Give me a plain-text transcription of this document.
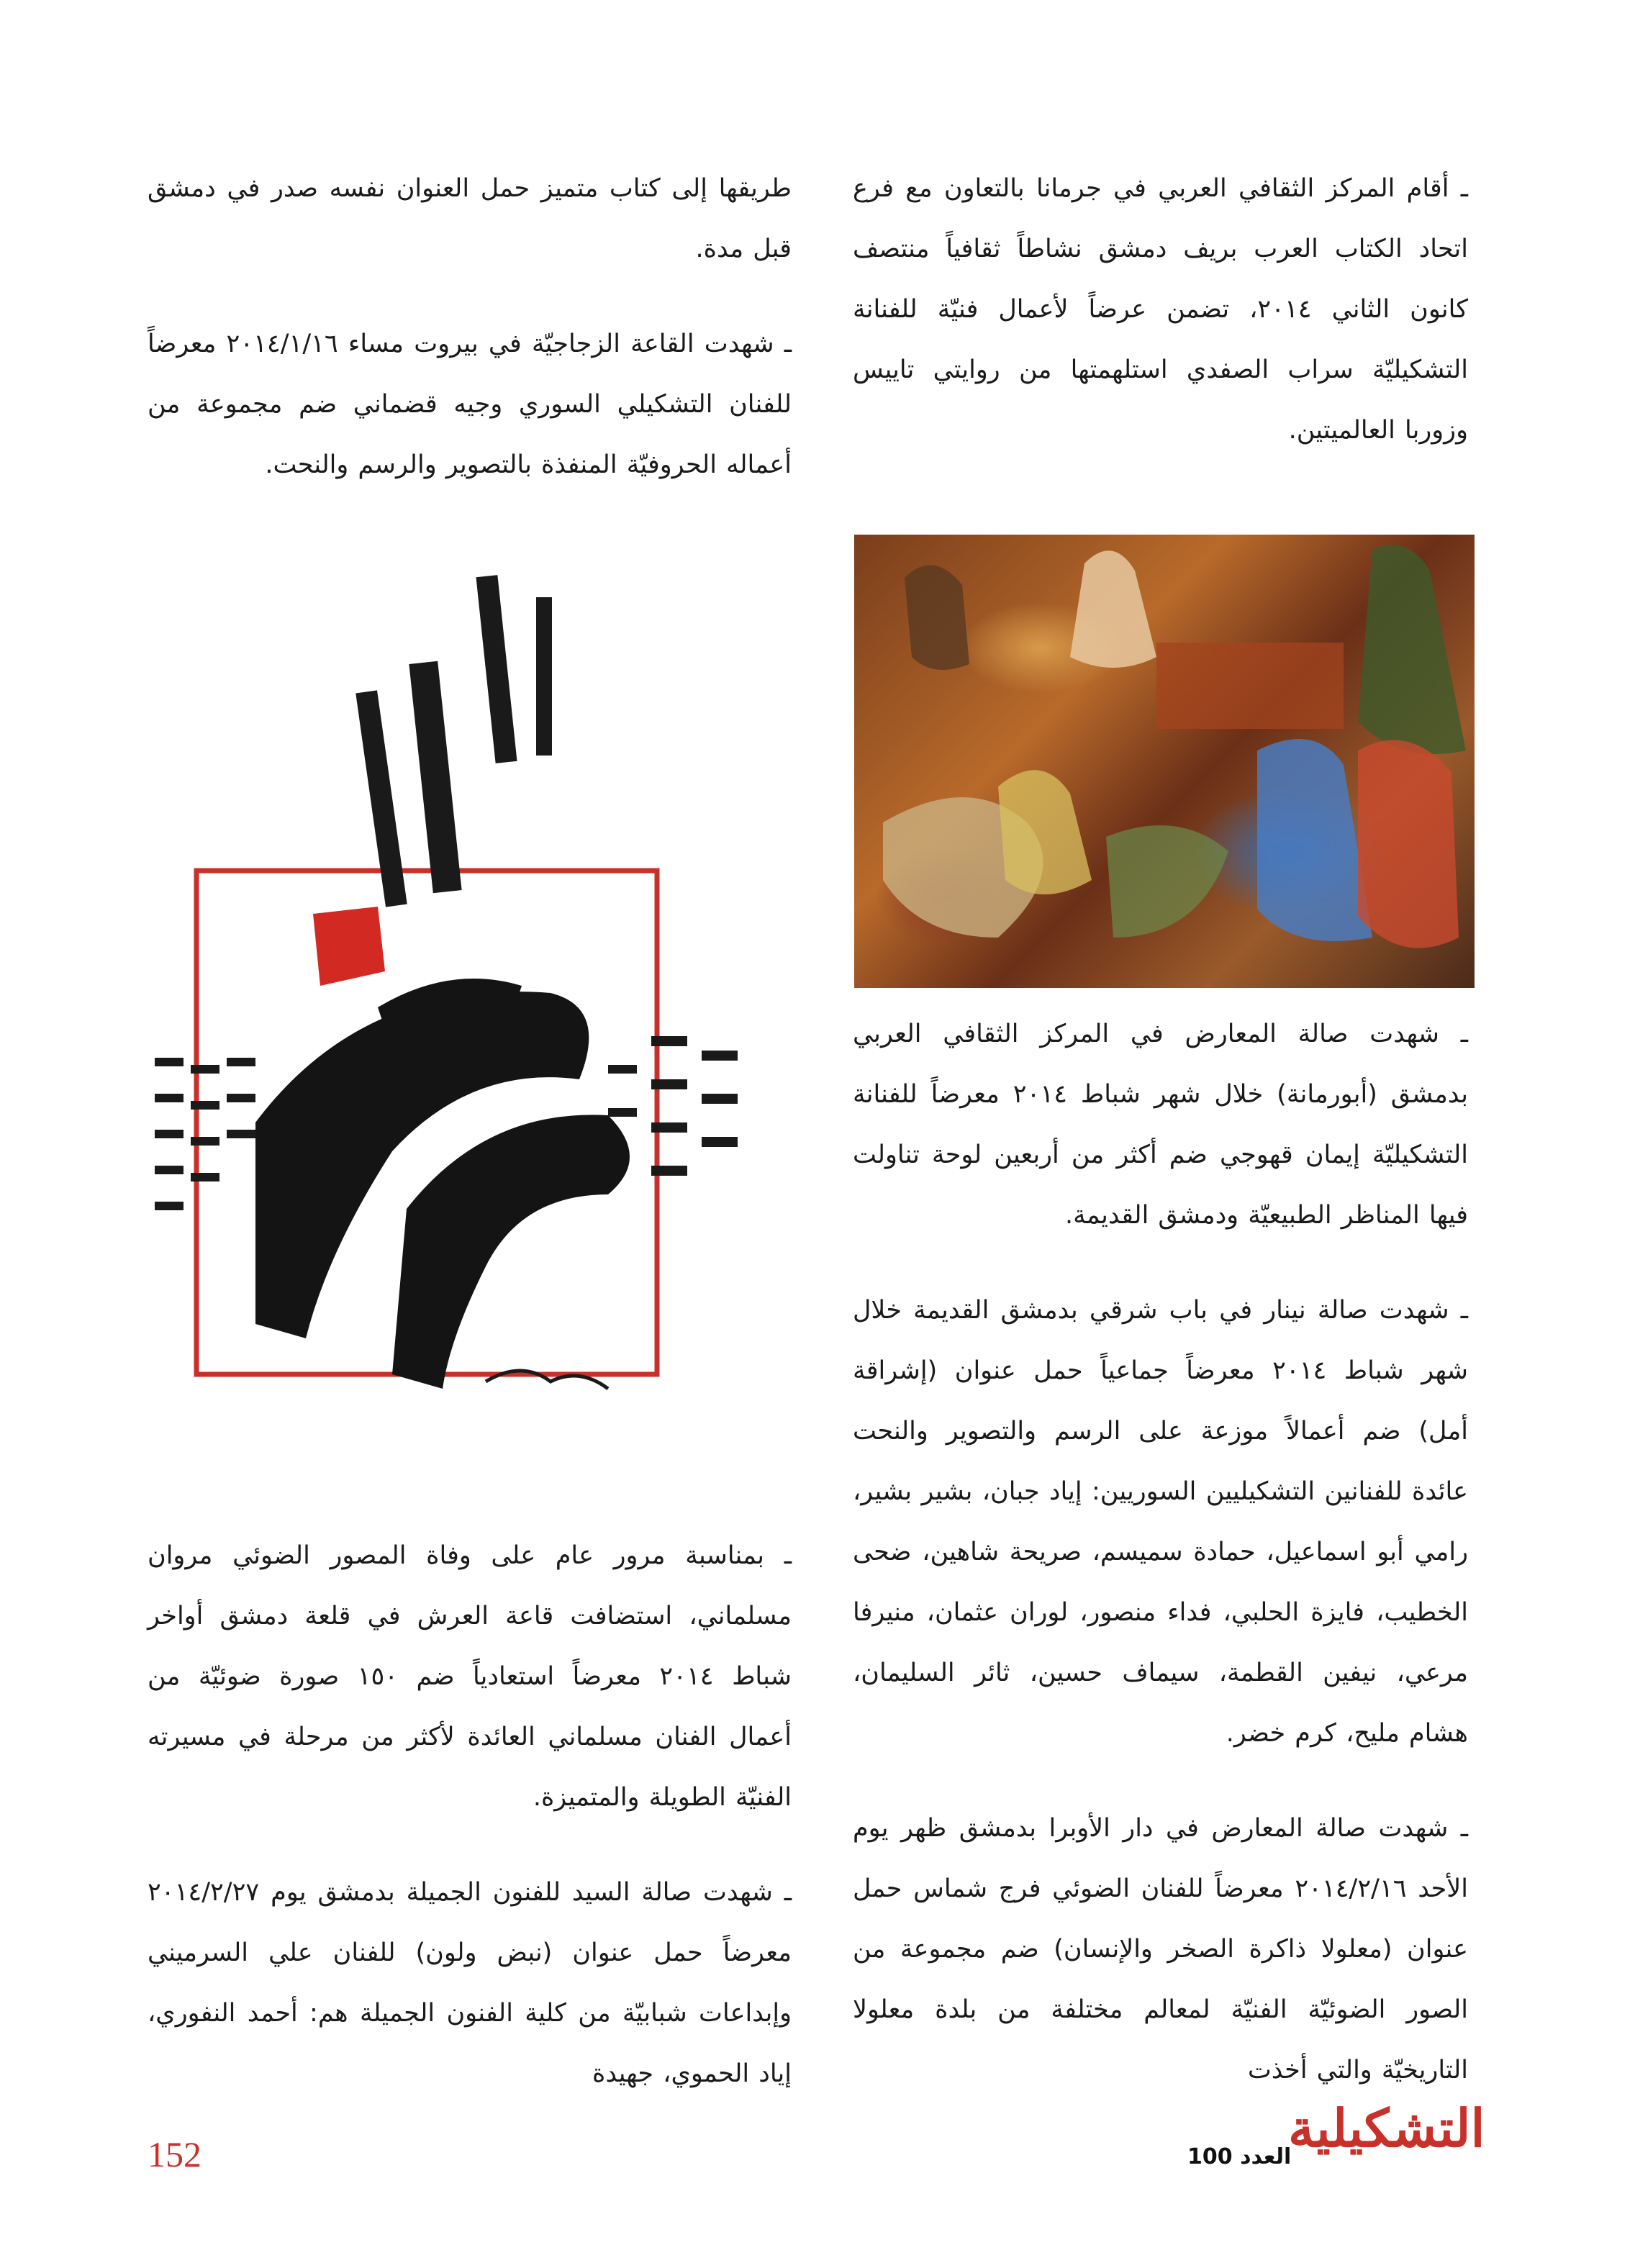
ـ أقام المركز الثقافي العربي في جرمانا بالتعاون مع فرع اتحاد الكتاب العرب بريف دمشق نشاطاً ثقافياً منتصف كانون الثاني ٢٠١٤، تضمن عرضاً لأعمال فنيّة للفنانة التشكيليّة سراب الصفدي استلهمتها من روايتي تاييس وزوربا العالميتين.

ـ شهدت صالة المعارض في المركز الثقافي العربي بدمشق (أبورمانة) خلال شهر شباط ٢٠١٤ معرضاً للفنانة التشكيليّة إيمان قهوجي ضم أكثر من أربعين لوحة تناولت فيها المناظر الطبيعيّة ودمشق القديمة.

ـ شهدت صالة نينار في باب شرقي بدمشق القديمة خلال شهر شباط ٢٠١٤ معرضاً جماعياً حمل عنوان (إشراقة أمل) ضم أعمالاً موزعة على الرسم والتصوير والنحت عائدة للفنانين التشكيليين السوريين: إياد جبان، بشير بشير، رامي أبو اسماعيل، حمادة سميسم، صريحة شاهين، ضحى الخطيب، فايزة الحلبي، فداء منصور، لوران عثمان، منيرفا مرعي، نيفين القطمة، سيماف حسين، ثائر السليمان، هشام مليح، كرم خضر.

ـ شهدت صالة المعارض في دار الأوبرا بدمشق ظهر يوم الأحد ٢٠١٤/٢/١٦ معرضاً للفنان الضوئي فرج شماس حمل عنوان (معلولا ذاكرة الصخر والإنسان) ضم مجموعة من الصور الضوئيّة الفنيّة لمعالم مختلفة من بلدة معلولا التاريخيّة والتي أخذت

طريقها إلى كتاب متميز حمل العنوان نفسه صدر في دمشق قبل مدة.

ـ شهدت القاعة الزجاجيّة في بيروت مساء ٢٠١٤/١/١٦ معرضاً للفنان التشكيلي السوري وجيه قضماني ضم مجموعة من أعماله الحروفيّة المنفذة بالتصوير والرسم والنحت.

ـ بمناسبة مرور عام على وفاة المصور الضوئي مروان مسلماني، استضافت قاعة العرش في قلعة دمشق أواخر شباط ٢٠١٤ معرضاً استعادياً ضم ١٥٠ صورة ضوئيّة من أعمال الفنان مسلماني العائدة لأكثر من مرحلة في مسيرته الفنيّة الطويلة والمتميزة.

ـ شهدت صالة السيد للفنون الجميلة بدمشق يوم ٢٠١٤/٢/٢٧ معرضاً حمل عنوان (نبض ولون) للفنان علي السرميني وإبداعات شبابيّة من كلية الفنون الجميلة هم: أحمد النفوري، إياد الحموي، جهيدة

152	التشكيلية
العدد 100
